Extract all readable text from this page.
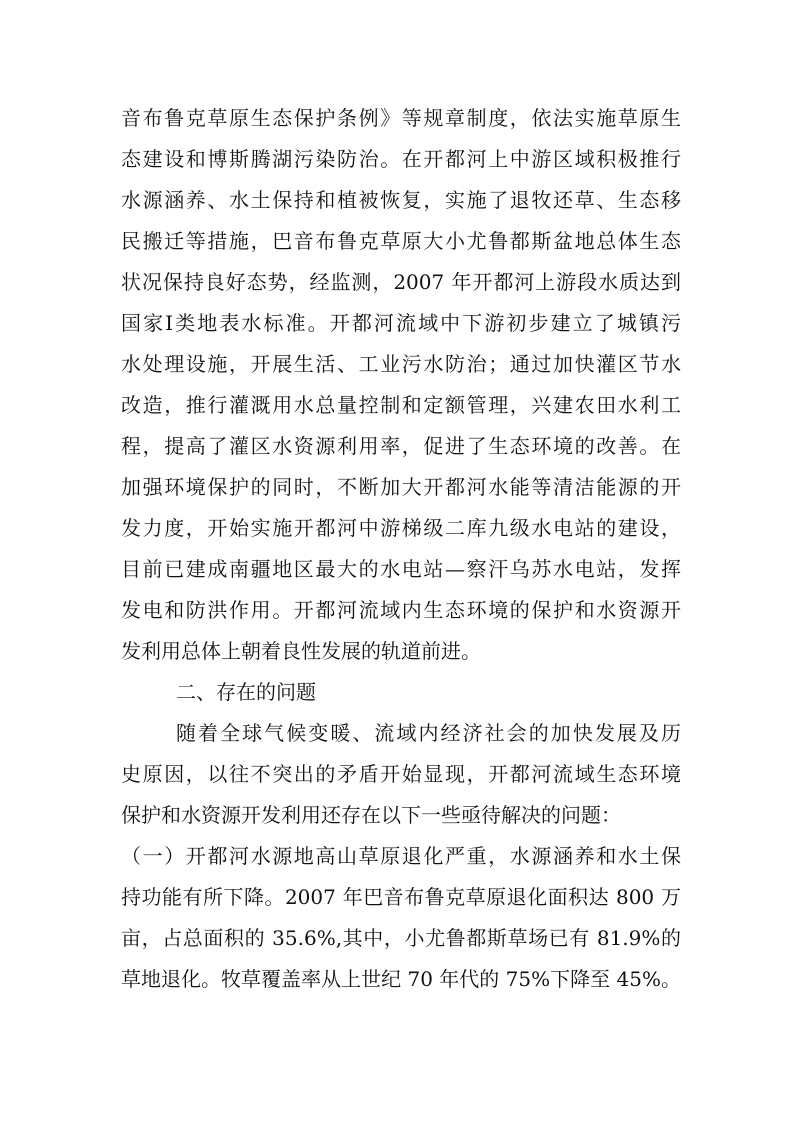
音布鲁克草原生态保护条例》等规章制度，依法实施草原生
态建设和博斯腾湖污染防治。在开都河上中游区域积极推行
水源涵养、水土保持和植被恢复，实施了退牧还草、生态移
民搬迁等措施，巴音布鲁克草原大小尤鲁都斯盆地总体生态
状况保持良好态势，经监测，2007 年开都河上游段水质达到
国家Ⅰ类地表水标准。开都河流域中下游初步建立了城镇污
水处理设施，开展生活、工业污水防治；通过加快灌区节水
改造，推行灌溉用水总量控制和定额管理，兴建农田水利工
程，提高了灌区水资源利用率，促进了生态环境的改善。在
加强环境保护的同时，不断加大开都河水能等清洁能源的开
发力度，开始实施开都河中游梯级二库九级水电站的建设，
目前已建成南疆地区最大的水电站—察汗乌苏水电站，发挥
发电和防洪作用。开都河流域内生态环境的保护和水资源开
发利用总体上朝着良性发展的轨道前进。
二、存在的问题
随着全球气候变暖、流域内经济社会的加快发展及历
史原因，以往不突出的矛盾开始显现，开都河流域生态环境
保护和水资源开发利用还存在以下一些亟待解决的问题：
（一）开都河水源地高山草原退化严重，水源涵养和水土保
持功能有所下降。2007 年巴音布鲁克草原退化面积达 800 万
亩，占总面积的 35.6%,其中，小尤鲁都斯草场已有 81.9%的
草地退化。牧草覆盖率从上世纪 70 年代的 75%下降至 45%。
